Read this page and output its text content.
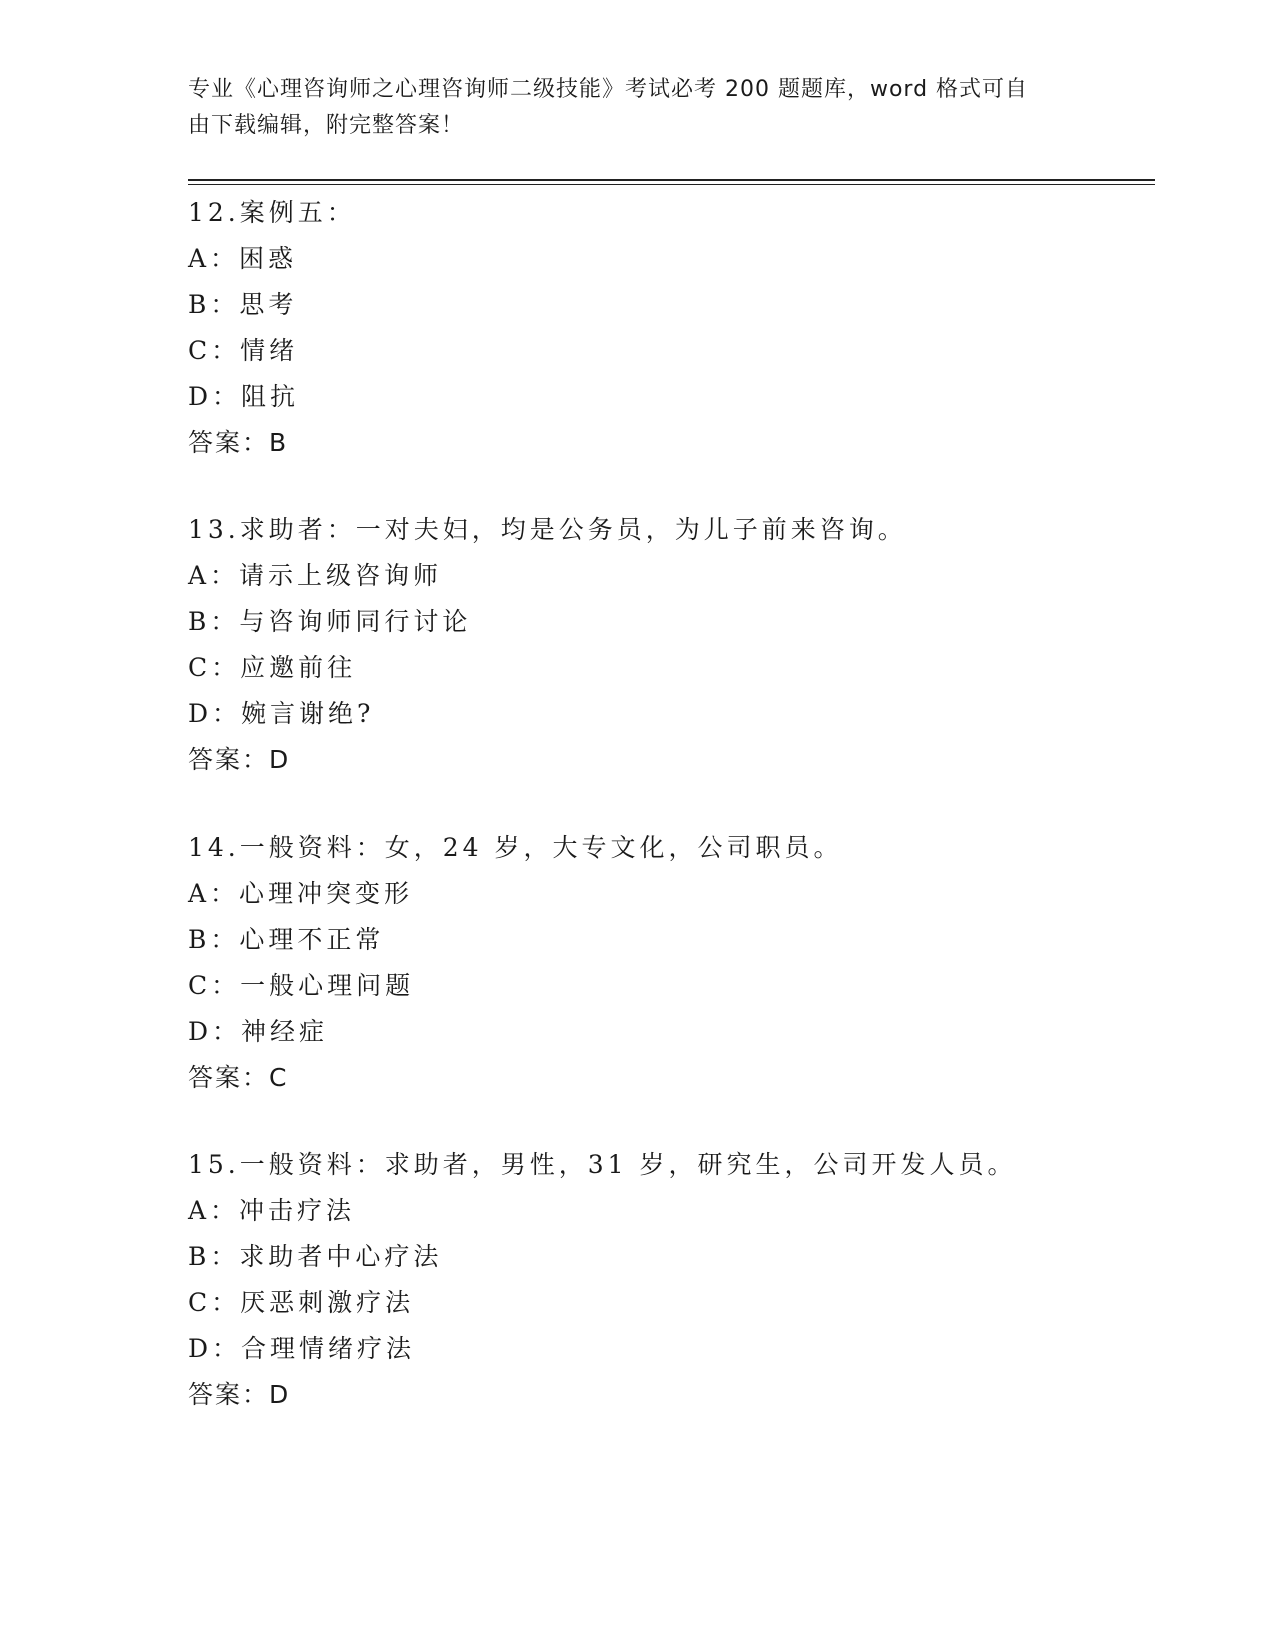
专业《心理咨询师之心理咨询师二级技能》考试必考 200 题题库，word 格式可自
由下载编辑，附完整答案！
12.案例五：
A：困惑
B：思考
C：情绪
D：阻抗
答案：B
13.求助者：一对夫妇，均是公务员，为儿子前来咨询。
A：请示上级咨询师
B：与咨询师同行讨论
C：应邀前往
D：婉言谢绝?
答案：D
14.一般资料：女，24 岁，大专文化，公司职员。
A：心理冲突变形
B：心理不正常
C：一般心理问题
D：神经症
答案：C
15.一般资料：求助者，男性，31 岁，研究生，公司开发人员。
A：冲击疗法
B：求助者中心疗法
C：厌恶刺激疗法
D：合理情绪疗法
答案：D
